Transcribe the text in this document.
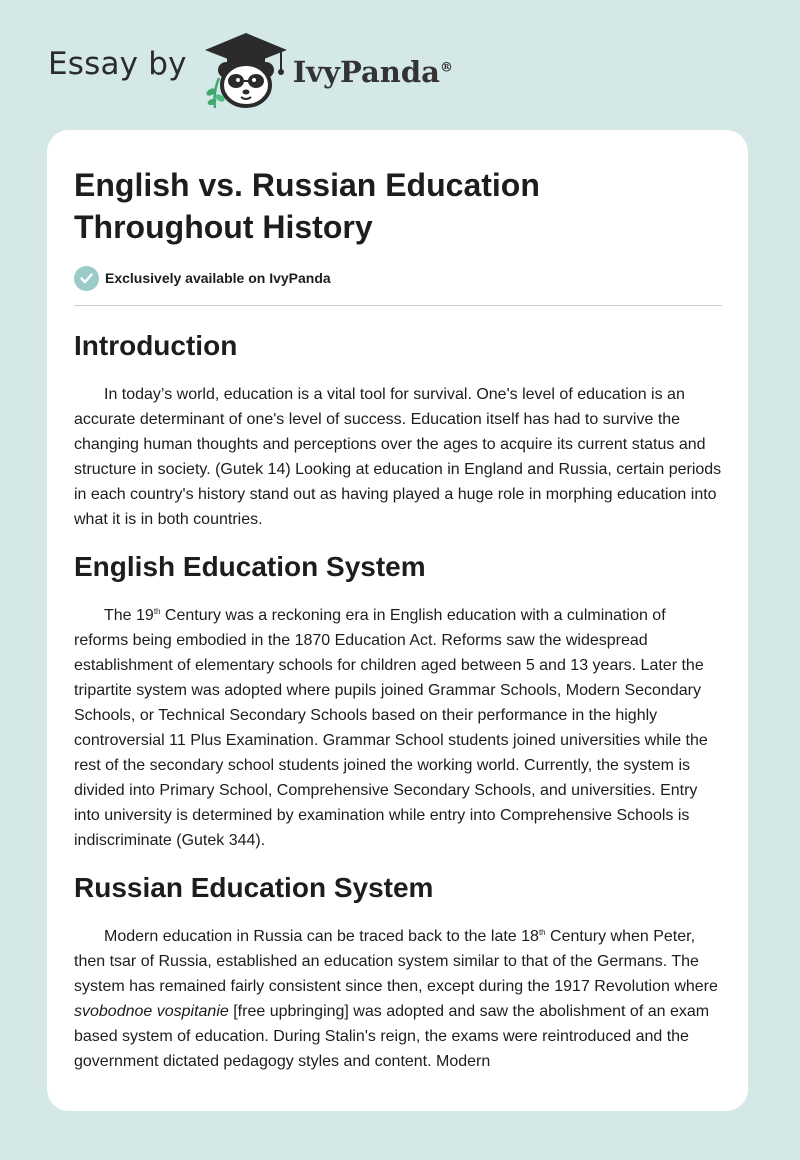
Essay by	IvyPanda®
English vs. Russian Education
Throughout History
Exclusively available on IvyPanda
Introduction

In today’s world, education is a vital tool for survival. One's level of education is an accurate determinant of one's level of success. Education itself has had to survive the changing human thoughts and perceptions over the ages to acquire its current status and structure in society. (Gutek 14) Looking at education in England and Russia, certain periods in each country's history stand out as having played a huge role in morphing education into what it is in both countries.

English Education System

The 19th Century was a reckoning era in English education with a culmination of reforms being embodied in the 1870 Education Act. Reforms saw the widespread establishment of elementary schools for children aged between 5 and 13 years. Later the tripartite system was adopted where pupils joined Grammar Schools, Modern Secondary Schools, or Technical Secondary Schools based on their performance in the highly controversial 11 Plus Examination. Grammar School students joined universities while the rest of the secondary school students joined the working world. Currently, the system is divided into Primary School, Comprehensive Secondary Schools, and universities. Entry into university is determined by examination while entry into Comprehensive Schools is indiscriminate (Gutek 344).

Russian Education System

Modern education in Russia can be traced back to the late 18th Century when Peter, then tsar of Russia, established an education system similar to that of the Germans. The system has remained fairly consistent since then, except during the 1917 Revolution where svobodnoe vospitanie [free upbringing] was adopted and saw the abolishment of an exam based system of education. During Stalin's reign, the exams were reintroduced and the government dictated pedagogy styles and content. Modern
